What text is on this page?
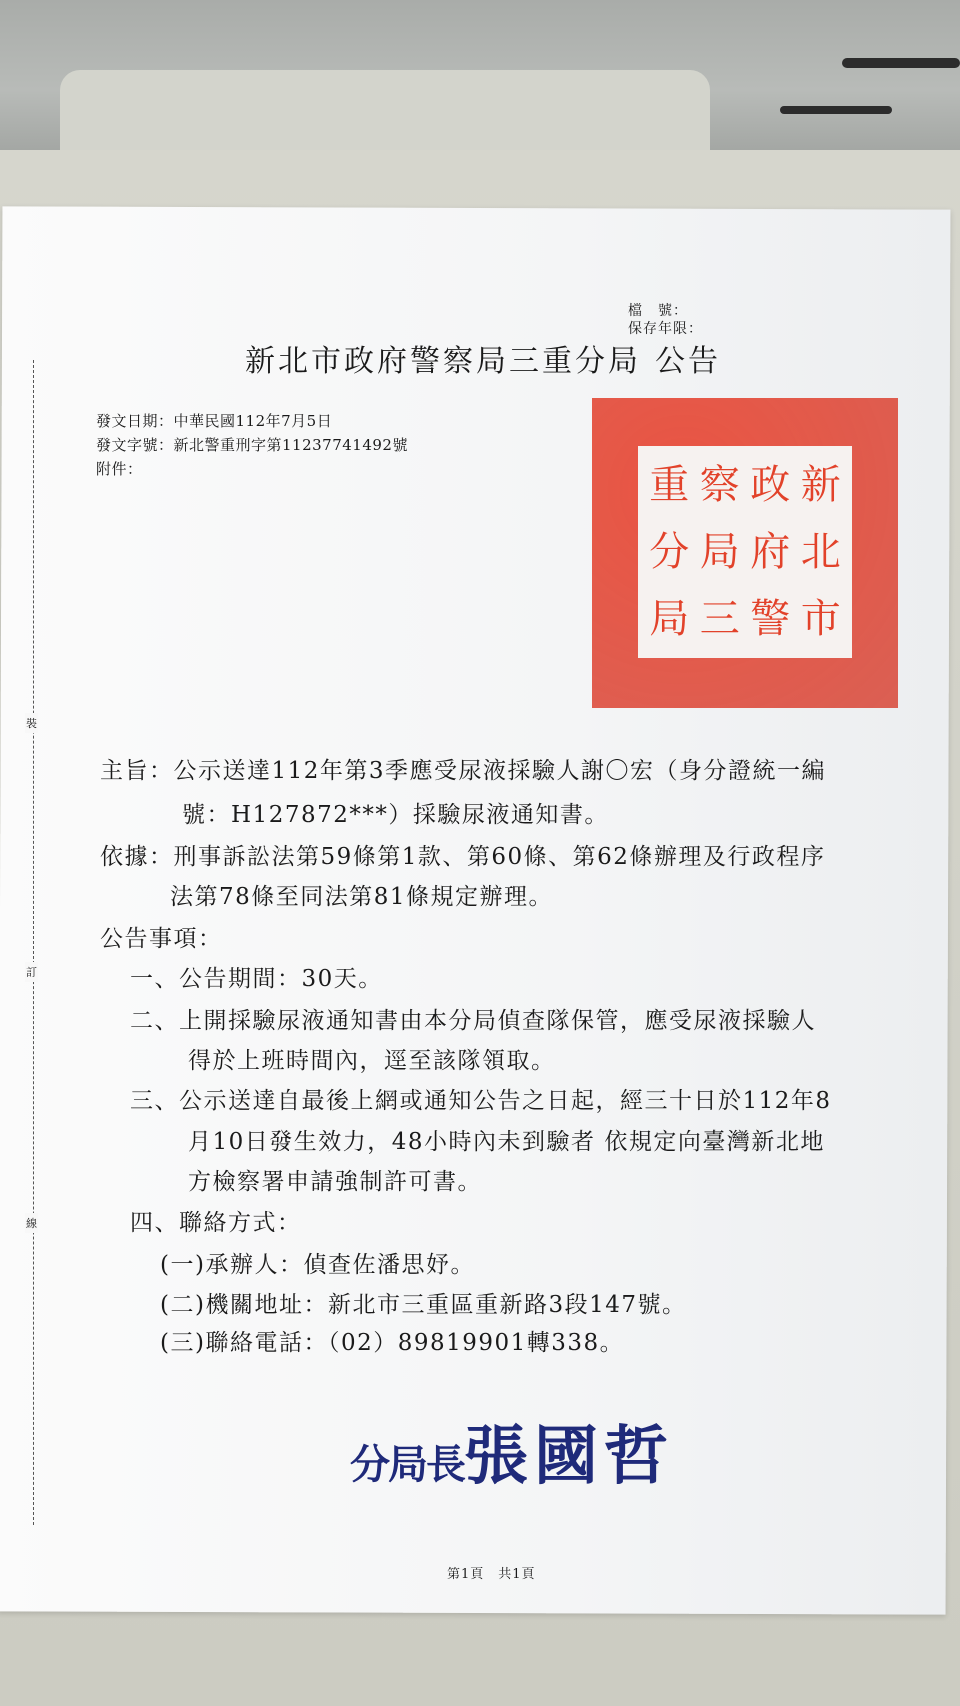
裝
訂
線
檔　號：
保存年限：
新北市政府警察局三重分局 公告
發文日期：中華民國112年7月5日
發文字號：新北警重刑字第11237741492號
附件：	新
北
市
政
府
警
察
局
三
重
分
局
主旨：公示送達112年第3季應受尿液採驗人謝〇宏（身分證統一編
號：H127872***）採驗尿液通知書。
依據：刑事訴訟法第59條第1款、第60條、第62條辦理及行政程序
法第78條至同法第81條規定辦理。
公告事項：
一、公告期間：30天。
二、上開採驗尿液通知書由本分局偵查隊保管，應受尿液採驗人
得於上班時間內，逕至該隊領取。
三、公示送達自最後上網或通知公告之日起，經三十日於112年8
月10日發生效力，48小時內未到驗者 依規定向臺灣新北地
方檢察署申請強制許可書。
四、聯絡方式：
(一)承辦人：偵查佐潘思妤。
(二)機關地址：新北市三重區重新路3段147號。
(三)聯絡電話：（02）89819901轉338。
分局長張國哲
第1頁　共1頁
